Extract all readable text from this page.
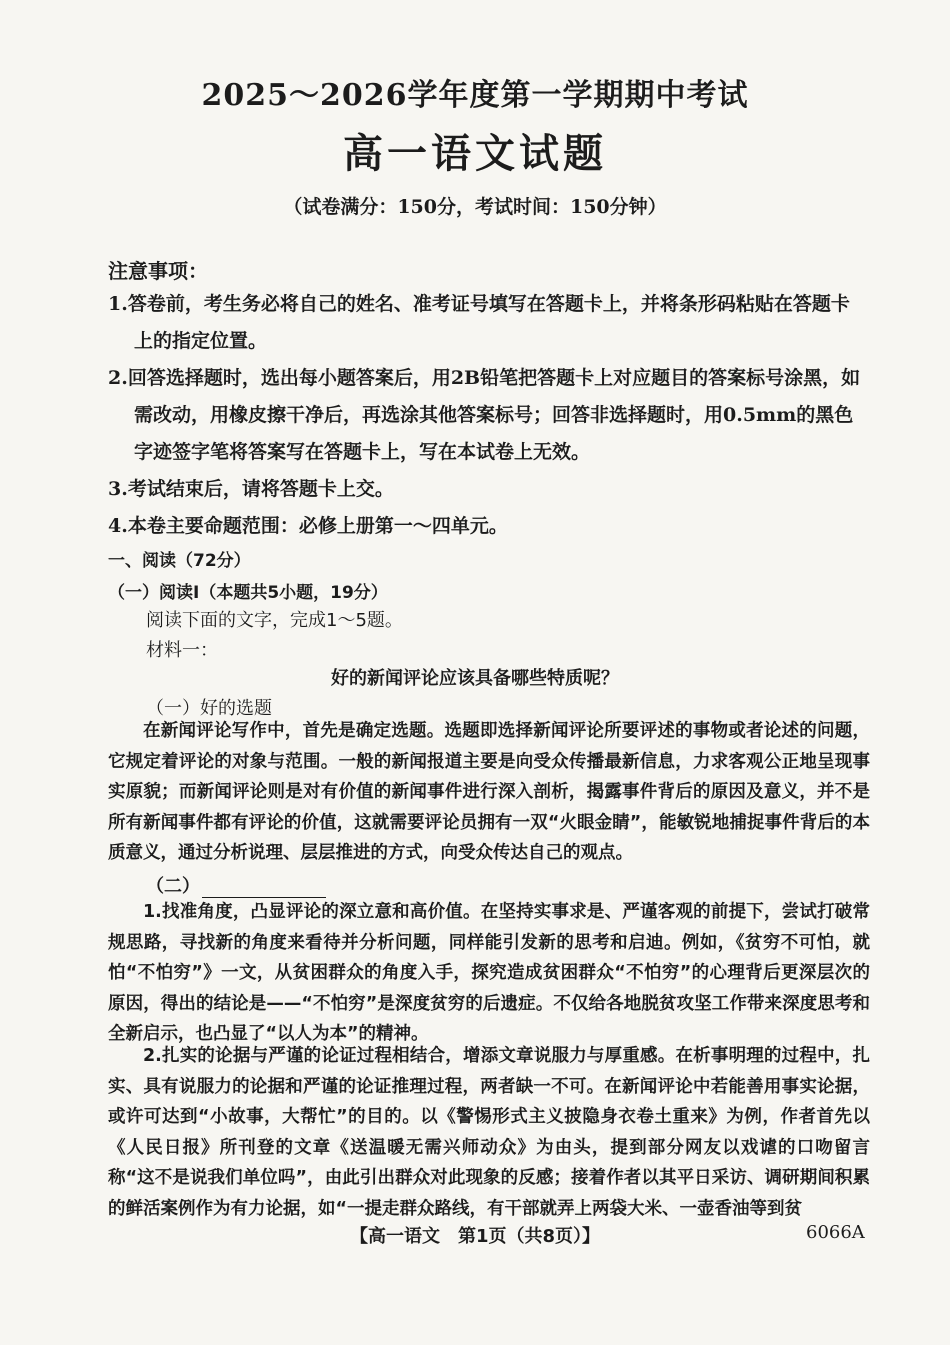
2025～2026学年度第一学期期中考试
高一语文试题
（试卷满分：150分，考试时间：150分钟）
注意事项：

1.答卷前，考生务必将自己的姓名、准考证号填写在答题卡上，并将条形码粘贴在答题卡上的指定位置。

2.回答选择题时，选出每小题答案后，用2B铅笔把答题卡上对应题目的答案标号涂黑，如需改动，用橡皮擦干净后，再选涂其他答案标号；回答非选择题时，用0.5mm的黑色字迹签字笔将答案写在答题卡上，写在本试卷上无效。

3.考试结束后，请将答题卡上交。

4.本卷主要命题范围：必修上册第一～四单元。

一、阅读（72分）
（一）阅读Ⅰ（本题共5小题，19分）
阅读下面的文字，完成1～5题。
材料一：
好的新闻评论应该具备哪些特质呢？
（一）好的选题

在新闻评论写作中，首先是确定选题。选题即选择新闻评论所要评述的事物或者论述的问题，它规定着评论的对象与范围。一般的新闻报道主要是向受众传播最新信息，力求客观公正地呈现事实原貌；而新闻评论则是对有价值的新闻事件进行深入剖析，揭露事件背后的原因及意义，并不是所有新闻事件都有评论的价值，这就需要评论员拥有一双“火眼金睛”，能敏锐地捕捉事件背后的本质意义，通过分析说理、层层推进的方式，向受众传达自己的观点。

（二）

1.找准角度，凸显评论的深立意和高价值。在坚持实事求是、严谨客观的前提下，尝试打破常规思路，寻找新的角度来看待并分析问题，同样能引发新的思考和启迪。例如，《贫穷不可怕，就怕“不怕穷”》一文，从贫困群众的角度入手，探究造成贫困群众“不怕穷”的心理背后更深层次的原因，得出的结论是——“不怕穷”是深度贫穷的后遗症。不仅给各地脱贫攻坚工作带来深度思考和全新启示，也凸显了“以人为本”的精神。

2.扎实的论据与严谨的论证过程相结合，增添文章说服力与厚重感。在析事明理的过程中，扎实、具有说服力的论据和严谨的论证推理过程，两者缺一不可。在新闻评论中若能善用事实论据，或许可达到“小故事，大帮忙”的目的。以《警惕形式主义披隐身衣卷土重来》为例，作者首先以《人民日报》所刊登的文章《送温暖无需兴师动众》为由头，提到部分网友以戏谑的口吻留言称“这不是说我们单位吗”，由此引出群众对此现象的反感；接着作者以其平日采访、调研期间积累的鲜活案例作为有力论据，如“一提走群众路线，有干部就弄上两袋大米、一壶香油等到贫

【高一语文　第1页（共8页）】	6066A
